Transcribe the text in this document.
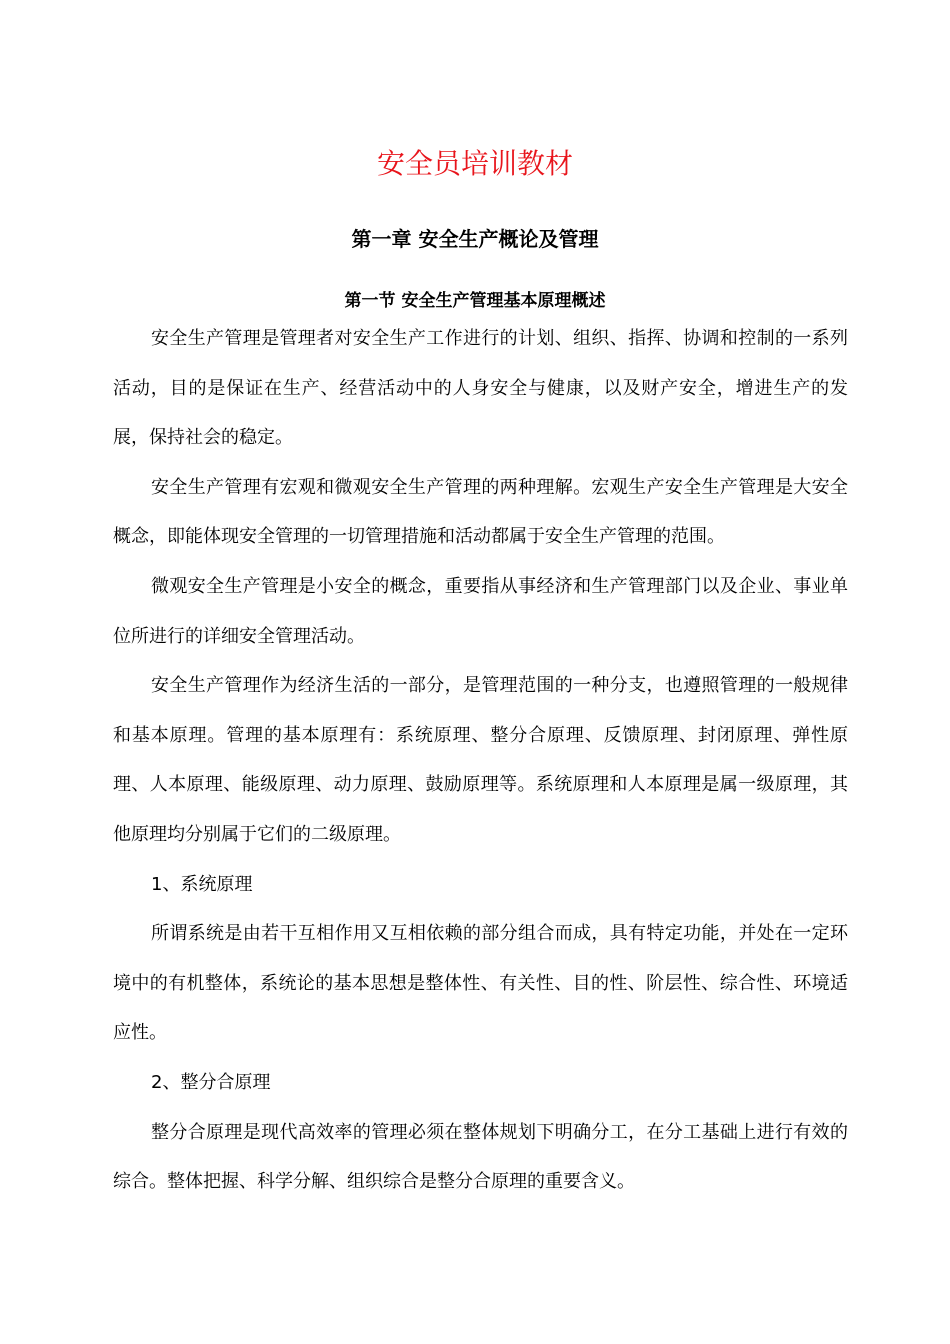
安全员培训教材
第一章 安全生产概论及管理
第一节 安全生产管理基本原理概述

安全生产管理是管理者对安全生产工作进行的计划、组织、指挥、协调和控制的一系列活动，目的是保证在生产、经营活动中的人身安全与健康，以及财产安全，增进生产的发展，保持社会的稳定。

安全生产管理有宏观和微观安全生产管理的两种理解。宏观生产安全生产管理是大安全概念，即能体现安全管理的一切管理措施和活动都属于安全生产管理的范围。

微观安全生产管理是小安全的概念，重要指从事经济和生产管理部门以及企业、事业单位所进行的详细安全管理活动。

安全生产管理作为经济生活的一部分，是管理范围的一种分支，也遵照管理的一般规律和基本原理。管理的基本原理有：系统原理、整分合原理、反馈原理、封闭原理、弹性原理、人本原理、能级原理、动力原理、鼓励原理等。系统原理和人本原理是属一级原理，其他原理均分别属于它们的二级原理。

1、系统原理

所谓系统是由若干互相作用又互相依赖的部分组合而成，具有特定功能，并处在一定环境中的有机整体，系统论的基本思想是整体性、有关性、目的性、阶层性、综合性、环境适应性。

2、整分合原理

整分合原理是现代高效率的管理必须在整体规划下明确分工，在分工基础上进行有效的综合。整体把握、科学分解、组织综合是整分合原理的重要含义。
